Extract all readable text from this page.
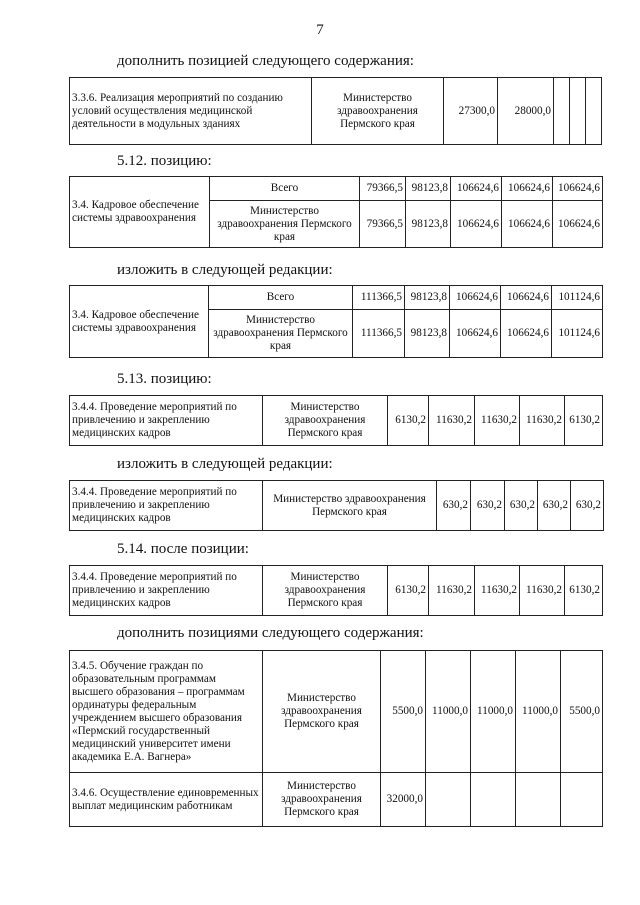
7
дополнить позицией следующего содержания:
3.3.6. Реализация мероприятий по созданию условий осуществления медицинской деятельности в модульных зданиях	Министерство здравоохранения Пермского края	27300,0	28000,0			
5.12. позицию:
3.4. Кадровое обеспечение системы здравоохранения	Всего	79366,5	98123,8	106624,6	106624,6	106624,6
	Министерство здравоохранения Пермского края	79366,5	98123,8	106624,6	106624,6	106624,6
изложить в следующей редакции:
3.4. Кадровое обеспечение системы здравоохранения	Всего	111366,5	98123,8	106624,6	106624,6	101124,6
	Министерство здравоохранения Пермского края	111366,5	98123,8	106624,6	106624,6	101124,6
5.13. позицию:
3.4.4. Проведение мероприятий по привлечению и закреплению медицинских кадров	Министерство здравоохранения Пермского края	6130,2	11630,2	11630,2	11630,2	6130,2
изложить в следующей редакции:
3.4.4. Проведение мероприятий по привлечению и закреплению медицинских кадров	Министерство здравоохранения Пермского края	630,2	630,2	630,2	630,2	630,2
5.14. после позиции:
3.4.4. Проведение мероприятий по привлечению и закреплению медицинских кадров	Министерство здравоохранения Пермского края	6130,2	11630,2	11630,2	11630,2	6130,2
дополнить позициями следующего содержания:
3.4.5. Обучение граждан по образовательным программам высшего образования – программам ординатуры федеральным учреждением высшего образования «Пермский государственный медицинский университет имени академика Е.А. Вагнера»	Министерство здравоохранения Пермского края	5500,0	11000,0	11000,0	11000,0	5500,0
3.4.6. Осуществление единовременных выплат медицинским работникам	Министерство здравоохранения Пермского края	32000,0				
